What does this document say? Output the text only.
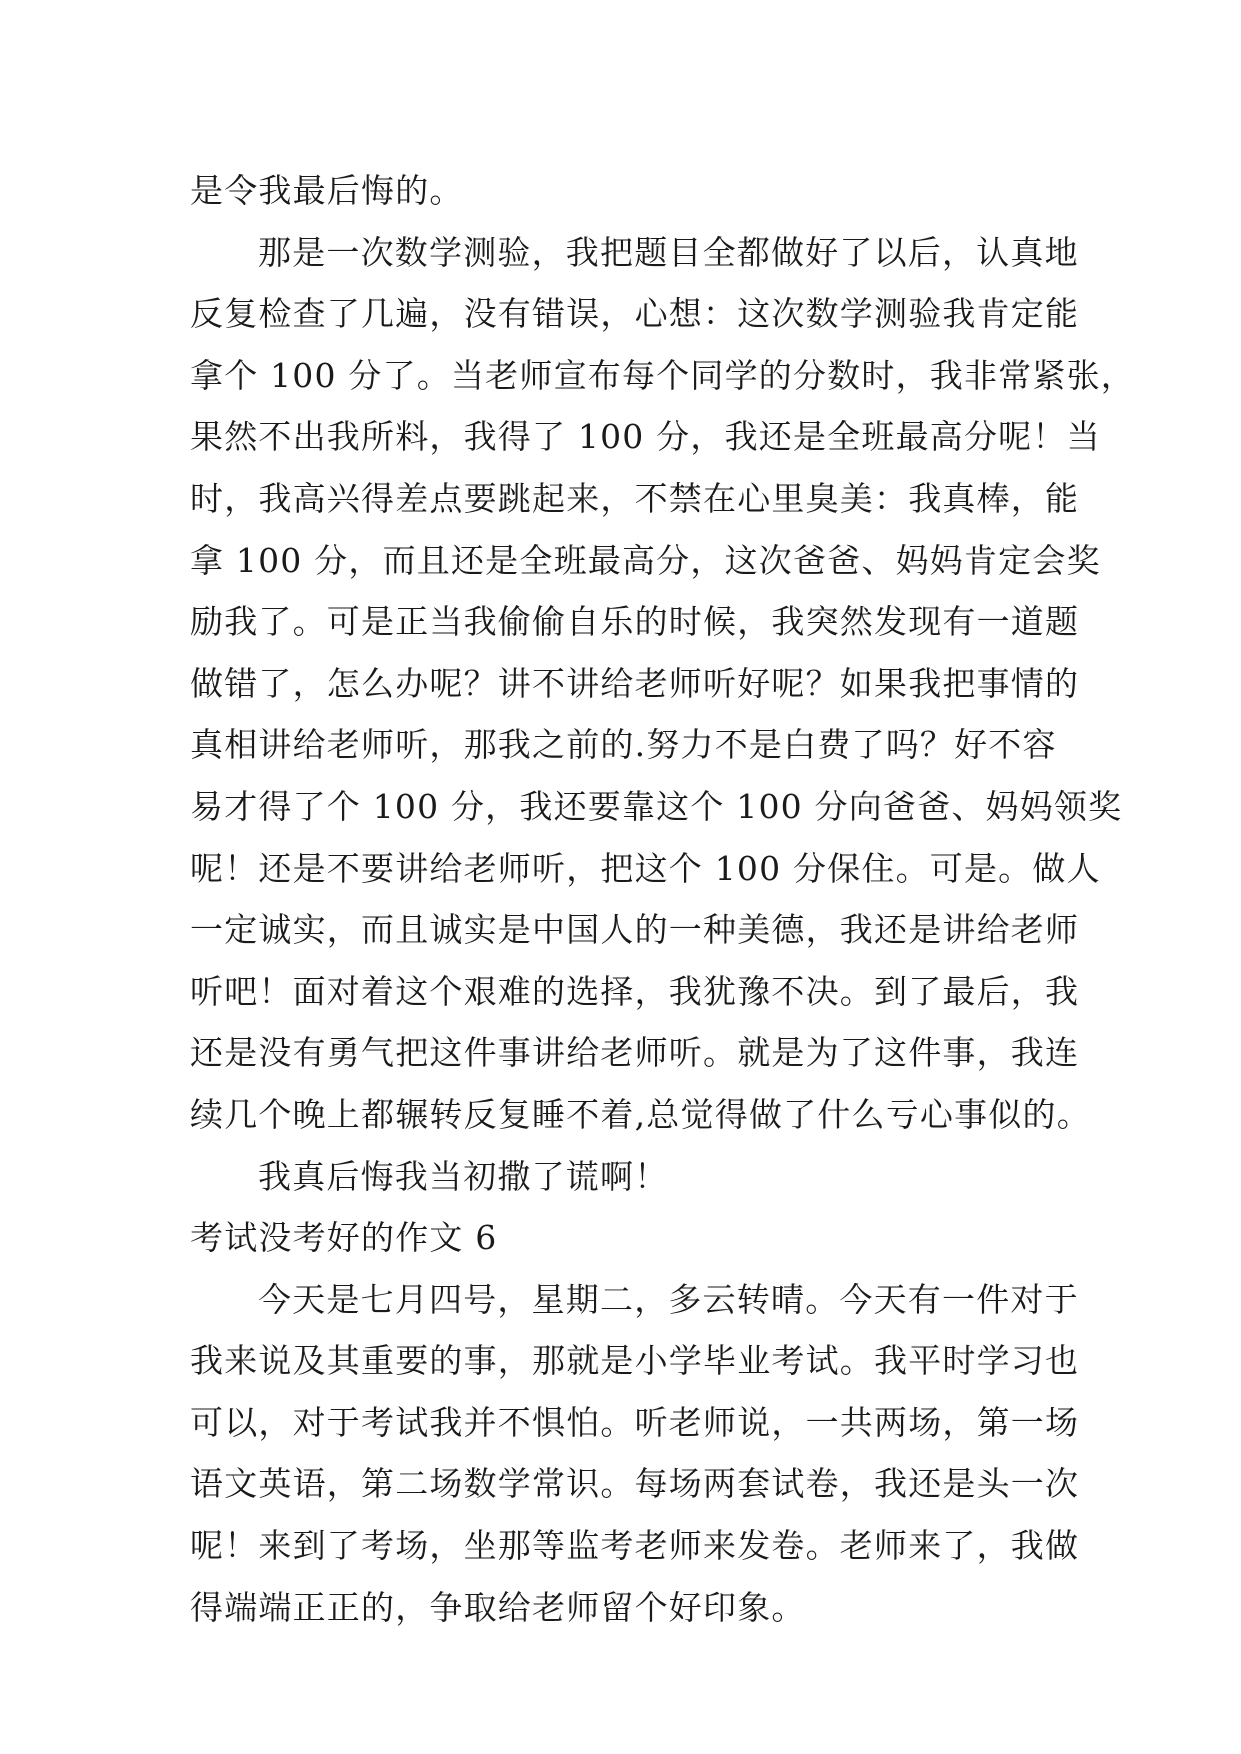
是令我最后悔的。
那是一次数学测验，我把题目全都做好了以后，认真地
反复检查了几遍，没有错误，心想：这次数学测验我肯定能
拿个 100 分了。当老师宣布每个同学的分数时，我非常紧张，
果然不出我所料，我得了 100 分，我还是全班最高分呢！当
时，我高兴得差点要跳起来，不禁在心里臭美：我真棒，能
拿 100 分，而且还是全班最高分，这次爸爸、妈妈肯定会奖
励我了。可是正当我偷偷自乐的时候，我突然发现有一道题
做错了，怎么办呢？讲不讲给老师听好呢？如果我把事情的
真相讲给老师听，那我之前的.努力不是白费了吗？好不容
易才得了个 100 分，我还要靠这个 100 分向爸爸、妈妈领奖
呢！还是不要讲给老师听，把这个 100 分保住。可是。做人
一定诚实，而且诚实是中国人的一种美德，我还是讲给老师
听吧！面对着这个艰难的选择，我犹豫不决。到了最后，我
还是没有勇气把这件事讲给老师听。就是为了这件事，我连
续几个晚上都辗转反复睡不着,总觉得做了什么亏心事似的。
我真后悔我当初撒了谎啊！
考试没考好的作文 6
今天是七月四号，星期二，多云转晴。今天有一件对于
我来说及其重要的事，那就是小学毕业考试。我平时学习也
可以，对于考试我并不惧怕。听老师说，一共两场，第一场
语文英语，第二场数学常识。每场两套试卷，我还是头一次
呢！来到了考场，坐那等监考老师来发卷。老师来了，我做
得端端正正的，争取给老师留个好印象。
